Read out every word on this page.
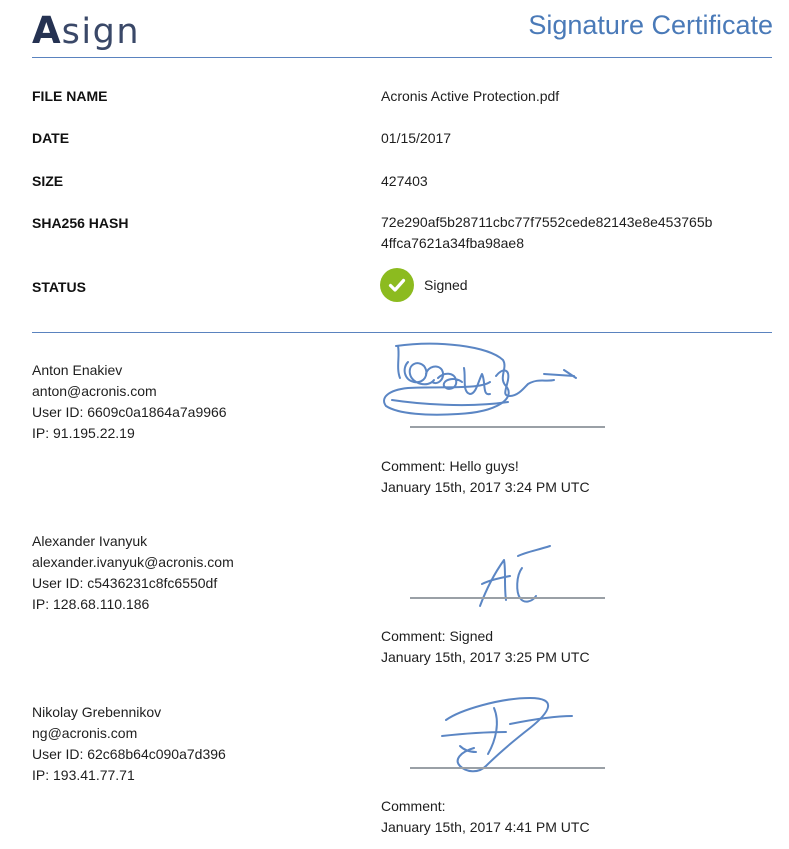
A sign	Signature Certificate
FILE NAME	Acronis Active Protection.pdf
DATE	01/15/2017
SIZE	427403
SHA256 HASH	72e290af5b28711cbc77f7552cede82143e8e453765b
4ffca7621a34fba98ae8
STATUS	Signed
Anton Enakiev
anton@acronis.com
User ID: 6609c0a1864a7a9966
IP: 91.195.22.19
Comment: Hello guys!
January 15th, 2017 3:24 PM UTC
Alexander Ivanyuk
alexander.ivanyuk@acronis.com
User ID: c5436231c8fc6550df
IP: 128.68.110.186
Comment: Signed
January 15th, 2017 3:25 PM UTC
Nikolay Grebennikov
ng@acronis.com
User ID: 62c68b64c090a7d396
IP: 193.41.77.71
Comment:
January 15th, 2017 4:41 PM UTC
